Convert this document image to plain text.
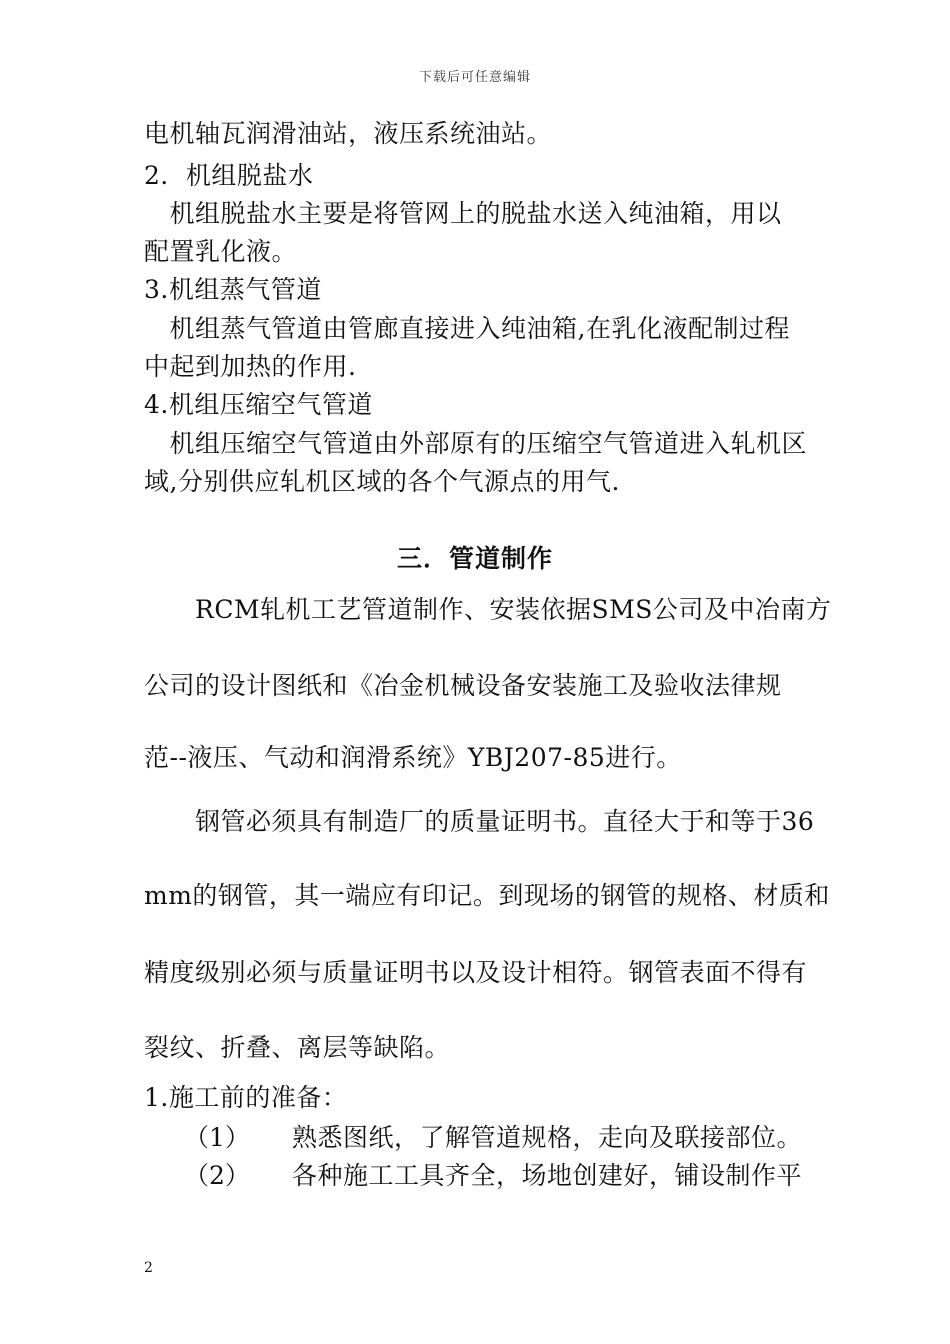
下载后可任意编辑
电机轴瓦润滑油站，液压系统油站。
2．机组脱盐水
　机组脱盐水主要是将管网上的脱盐水送入纯油箱，用以
配置乳化液。
3.机组蒸气管道
　机组蒸气管道由管廊直接进入纯油箱,在乳化液配制过程
中起到加热的作用.
4.机组压缩空气管道
　机组压缩空气管道由外部原有的压缩空气管道进入轧机区
域,分别供应轧机区域的各个气源点的用气.
三．管道制作
　　RCM轧机工艺管道制作、安装依据SMS公司及中冶南方
公司的设计图纸和《冶金机械设备安装施工及验收法律规
范--液压、气动和润滑系统》YBJ207-85进行。
　　钢管必须具有制造厂的质量证明书。直径大于和等于36
mm的钢管，其一端应有印记。到现场的钢管的规格、材质和
精度级别必须与质量证明书以及设计相符。钢管表面不得有
裂纹、折叠、离层等缺陷。
1.施工前的准备：
（1） 熟悉图纸，了解管道规格，走向及联接部位。
（2） 各种施工工具齐全，场地创建好，铺设制作平
2
